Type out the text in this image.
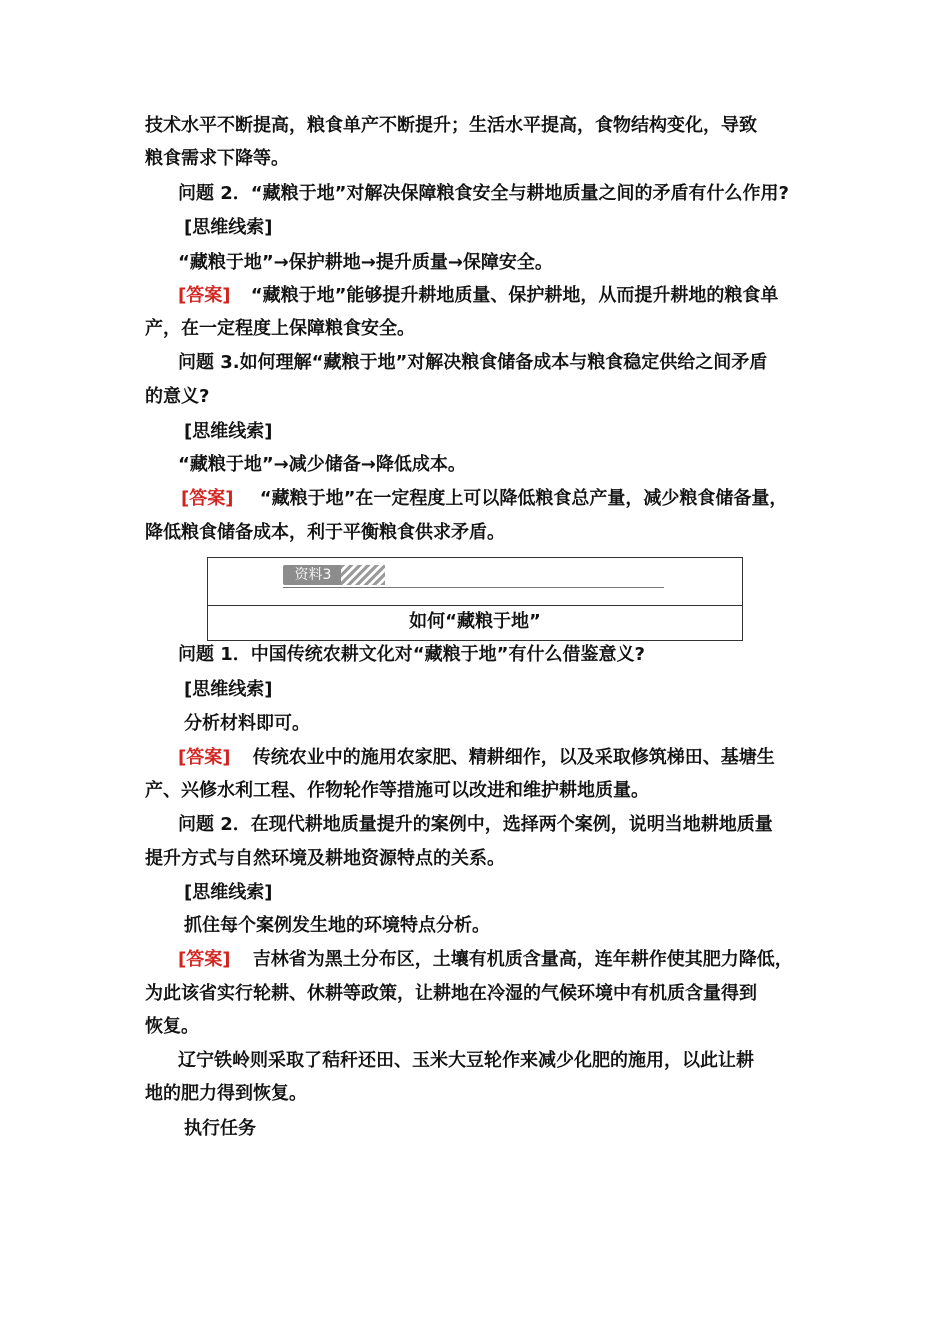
技术水平不断提高，粮食单产不断提升；生活水平提高，食物结构变化，导致
粮食需求下降等。
问题 2．“藏粮于地”对解决保障粮食安全与耕地质量之间的矛盾有什么作用?
[思维线索]
“藏粮于地”→保护耕地→提升质量→保障安全。
[答案] “藏粮于地”能够提升耕地质量、保护耕地，从而提升耕地的粮食单
产，在一定程度上保障粮食安全。
问题 3.如何理解“藏粮于地”对解决粮食储备成本与粮食稳定供给之间矛盾
的意义?
[思维线索]
“藏粮于地”→减少储备→降低成本。
[答案] “藏粮于地”在一定程度上可以降低粮食总产量，减少粮食储备量，
降低粮食储备成本，利于平衡粮食供求矛盾。
资料3
如何“藏粮于地”
问题 1．中国传统农耕文化对“藏粮于地”有什么借鉴意义?
[思维线索]
分析材料即可。
[答案] 传统农业中的施用农家肥、精耕细作，以及采取修筑梯田、基塘生
产、兴修水利工程、作物轮作等措施可以改进和维护耕地质量。
问题 2．在现代耕地质量提升的案例中，选择两个案例，说明当地耕地质量
提升方式与自然环境及耕地资源特点的关系。
[思维线索]
抓住每个案例发生地的环境特点分析。
[答案] 吉林省为黑土分布区，土壤有机质含量高，连年耕作使其肥力降低，
为此该省实行轮耕、休耕等政策，让耕地在冷湿的气候环境中有机质含量得到
恢复。
辽宁铁岭则采取了秸秆还田、玉米大豆轮作来减少化肥的施用，以此让耕
地的肥力得到恢复。
执行任务
